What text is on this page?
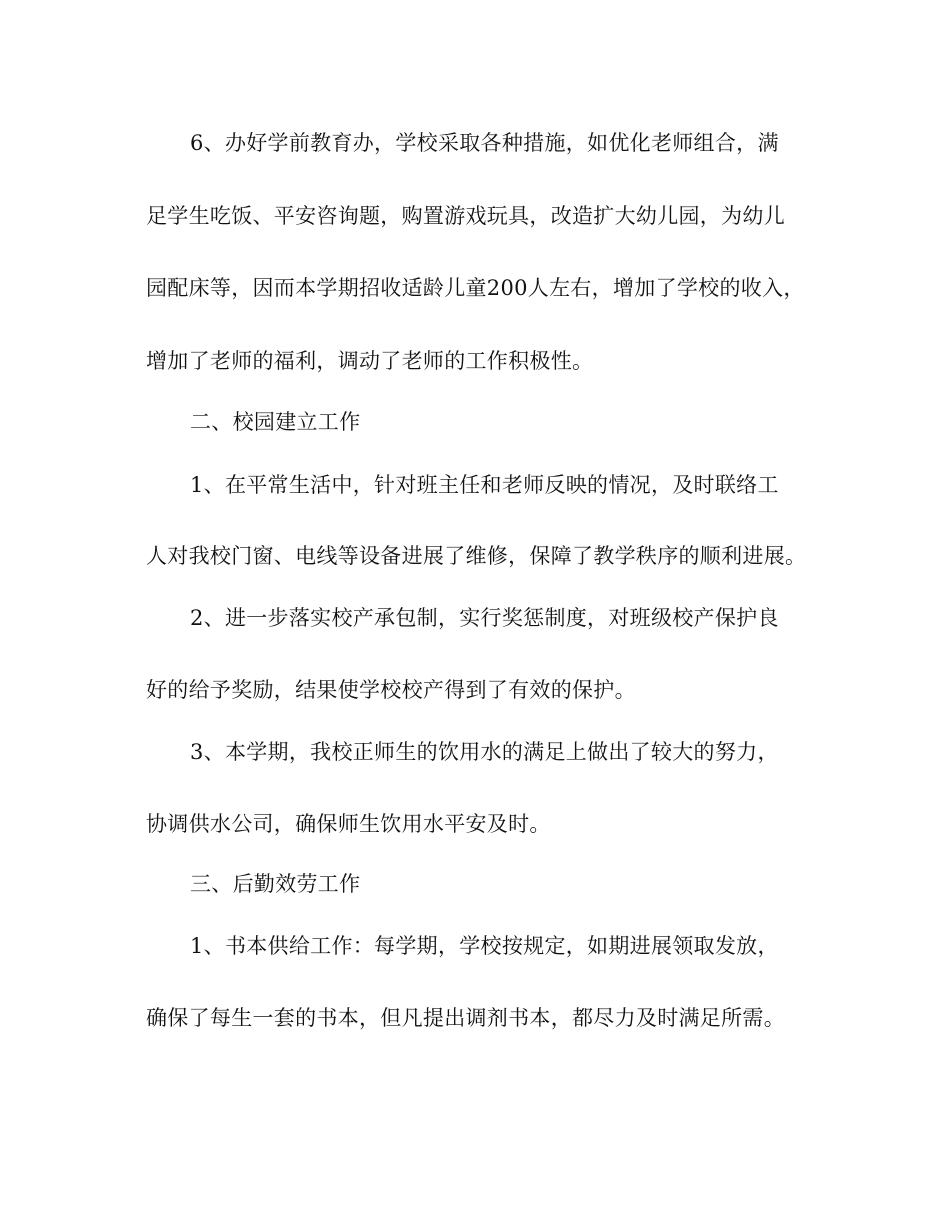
6、办好学前教育办，学校采取各种措施，如优化老师组合，满
足学生吃饭、平安咨询题，购置游戏玩具，改造扩大幼儿园，为幼儿
园配床等，因而本学期招收适龄儿童200人左右，增加了学校的收入，
增加了老师的福利，调动了老师的工作积极性。
二、校园建立工作
1、在平常生活中，针对班主任和老师反映的情况，及时联络工
人对我校门窗、电线等设备进展了维修，保障了教学秩序的顺利进展。
2、进一步落实校产承包制，实行奖惩制度，对班级校产保护良
好的给予奖励，结果使学校校产得到了有效的保护。
3、本学期，我校正师生的饮用水的满足上做出了较大的努力，
协调供水公司，确保师生饮用水平安及时。
三、后勤效劳工作
1、书本供给工作：每学期，学校按规定，如期进展领取发放，
确保了每生一套的书本，但凡提出调剂书本，都尽力及时满足所需。
